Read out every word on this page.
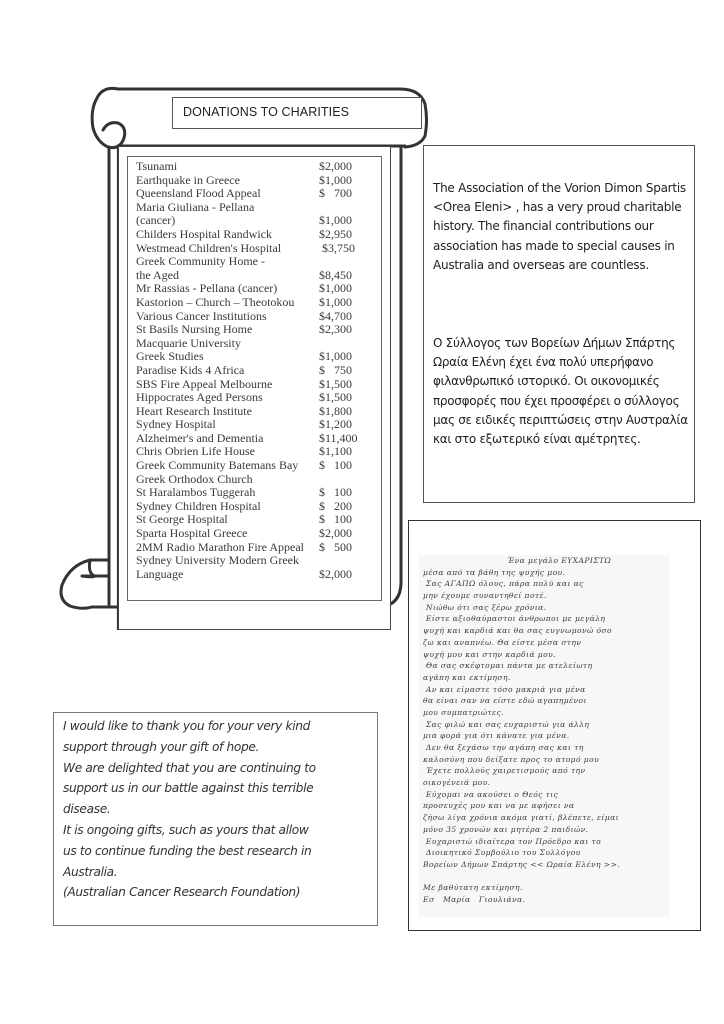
DONATIONS TO CHARITIES
Tsunami	$2,000
Earthquake in Greece	$1,000
Queensland Flood Appeal	$   700
Maria Giuliana - Pellana
(cancer)	$1,000
Childers Hospital Randwick	$2,950
Westmead Children's Hospital	$3,750
Greek Community Home -
the Aged	$8,450
Mr Rassias - Pellana (cancer)	$1,000
Kastorion – Church – Theotokou $1,000
Various Cancer Institutions	$4,700
St Basils Nursing Home	$2,300
Macquarie University
Greek Studies	$1,000
Paradise Kids 4 Africa	$   750
SBS Fire Appeal Melbourne	$1,500
Hippocrates Aged Persons	$1,500
Heart Research Institute	$1,800
Sydney Hospital	$1,200
Alzheimer's and Dementia	$11,400
Chris Obrien Life House	$1,100
Greek Community Batemans Bay $   100
Greek Orthodox Church
St Haralambos Tuggerah	$   100
Sydney Children Hospital	$   200
St George Hospital	$   100
Sparta Hospital Greece	$2,000
2MM Radio Marathon Fire Appeal $   500
Sydney University Modern Greek
Language	$2,000

The Association of the Vorion Dimon Spartis <Orea Eleni> , has a very proud charitable history. The financial contributions our association has made to special causes in Australia and overseas are countless.

Ο Σύλλογος των Βορείων Δήμων Σπάρτης Ωραία Ελένη έχει ένα πολύ υπερήφανο φιλανθρωπικό ιστορικό. Οι οικονομικές προσφορές που έχει προσφέρει ο σύλλογος μας σε ειδικές περιπτώσεις στην Αυστραλία και στο εξωτερικό είναι αμέτρητες.

I would like to thank you for your very kind
support through your gift of hope.
We are delighted that you are continuing to
support us in our battle against this terrible
disease.
It is ongoing gifts, such as yours that allow
us to continue funding the best research in
Australia.
(Australian Cancer Research Foundation)

Ένα μεγάλο ΕΥΧΑΡΙΣΤΩ
μέσα από τα βάθη της ψυχής μου.
Σας ΑΓΑΠΩ όλους, πάρα πολύ και ας
μην έχουμε συναντηθεί ποτέ.
Νιώθω ότι σας ξέρω χρόνια.
Είστε αξιοθαύμαστοι άνθρωποι με μεγάλη
ψυχή και καρδιά και θα σας ευγνωμονώ όσο
ζω και αναπνέω. Θα είστε μέσα στην
ψυχή μου και στην καρδιά μου.
Θα σας σκέφτομαι πάντα με ατελείωτη
αγάπη και εκτίμηση.
Αν και είμαστε τόσο μακριά για μένα
θα είναι σαν να είστε εδώ αγαπημένοι
μου συμπατριώτες.
Σας φιλώ και σας ευχαριστώ για άλλη
μια φορά για ότι κάνατε για μένα.
Δεν θα ξεχάσω την αγάπη σας και τη
καλοσύνη που δείξατε προς το ατομό μου
Έχετε πολλούς χαιρετισμούς από την
οικογένειά μου.
Εύχομαι να ακούσει ο Θεός τις
προσευχές μου και να με αφήσει να
ζήσω λίγα χρόνια ακόμα γιατί, βλέπετε, είμαι
μόνο 35 χρονών και μητέρα 2 παιδιών.
Ευχαριστώ ιδιαίτερα τον Πρόεδρο και το
Διοικητικό Συμβούλιο του Συλλόγου
Βορείων Δήμων Σπάρτης << Ωραία Ελένη >>.
Με βαθύτατη εκτίμηση.
Εσ   Μαρία   Γιουλιάνα.
